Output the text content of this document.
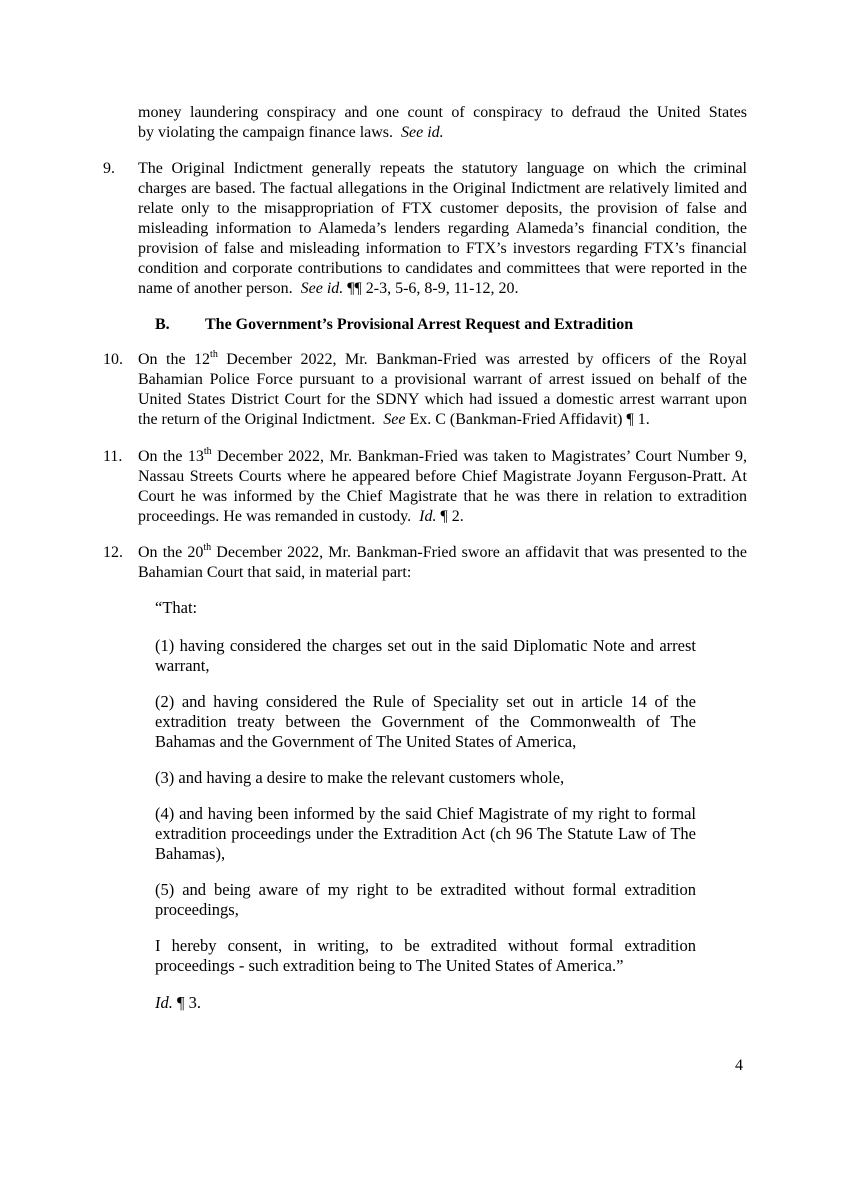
money laundering conspiracy and one count of conspiracy to defraud the United States
by violating the campaign finance laws. See id.

9. The Original Indictment generally repeats the statutory language on which the criminal charges are based. The factual allegations in the Original Indictment are relatively limited and relate only to the misappropriation of FTX customer deposits, the provision of false and misleading information to Alameda’s lenders regarding Alameda’s financial condition, the provision of false and misleading information to FTX’s investors regarding FTX’s financial condition and corporate contributions to candidates and committees that were reported in the name of another person. See id. ¶¶ 2-3, 5-6, 8-9, 11-12, 20.

B. The Government’s Provisional Arrest Request and Extradition

10. On the 12th December 2022, Mr. Bankman-Fried was arrested by officers of the Royal Bahamian Police Force pursuant to a provisional warrant of arrest issued on behalf of the United States District Court for the SDNY which had issued a domestic arrest warrant upon the return of the Original Indictment. See Ex. C (Bankman-Fried Affidavit) ¶ 1.

11. On the 13th December 2022, Mr. Bankman-Fried was taken to Magistrates’ Court Number 9, Nassau Streets Courts where he appeared before Chief Magistrate Joyann Ferguson-Pratt. At Court he was informed by the Chief Magistrate that he was there in relation to extradition proceedings. He was remanded in custody. Id. ¶ 2.

12. On the 20th December 2022, Mr. Bankman-Fried swore an affidavit that was presented to the Bahamian Court that said, in material part:

“That:

(1) having considered the charges set out in the said Diplomatic Note and arrest warrant,

(2) and having considered the Rule of Speciality set out in article 14 of the extradition treaty between the Government of the Commonwealth of The Bahamas and the Government of The United States of America,

(3) and having a desire to make the relevant customers whole,

(4) and having been informed by the said Chief Magistrate of my right to formal extradition proceedings under the Extradition Act (ch 96 The Statute Law of The Bahamas),

(5) and being aware of my right to be extradited without formal extradition proceedings,

I hereby consent, in writing, to be extradited without formal extradition proceedings - such extradition being to The United States of America.”

Id. ¶ 3.

4
